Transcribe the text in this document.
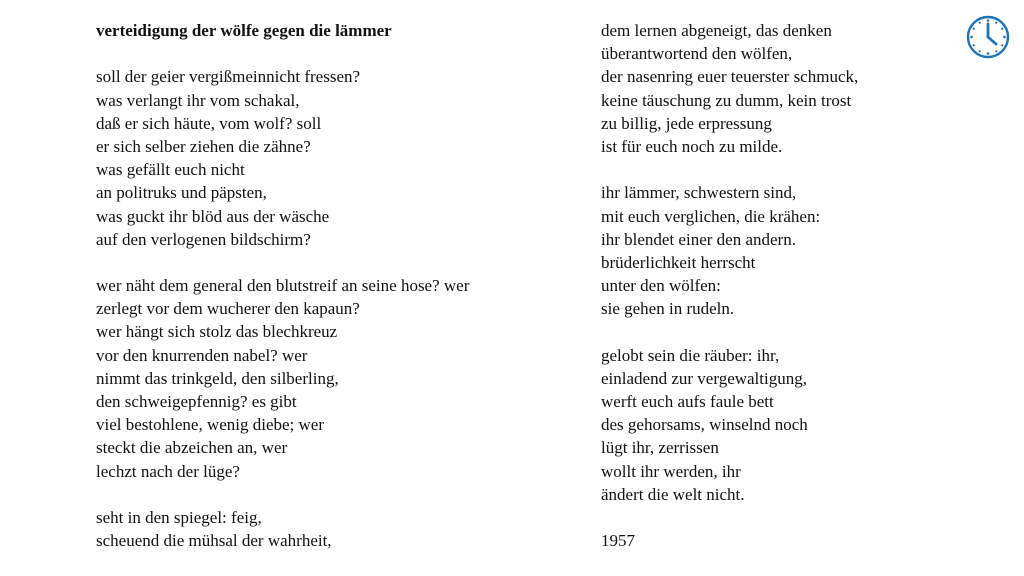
verteidigung der wölfe gegen die lämmer
soll der geier vergißmeinnicht fressen?
was verlangt ihr vom schakal,
daß er sich häute, vom wolf? soll
er sich selber ziehen die zähne?
was gefällt euch nicht
an politruks und päpsten,
was guckt ihr blöd aus der wäsche
auf den verlogenen bildschirm?
wer näht dem general den blutstreif an seine hose? wer
zerlegt vor dem wucherer den kapaun?
wer hängt sich stolz das blechkreuz
vor den knurrenden nabel? wer
nimmt das trinkgeld, den silberling,
den schweigepfennig? es gibt
viel bestohlene, wenig diebe; wer
steckt die abzeichen an, wer
lechzt nach der lüge?
seht in den spiegel: feig,
scheuend die mühsal der wahrheit,
dem lernen abgeneigt, das denken
überantwortend den wölfen,
der nasenring euer teuerster schmuck,
keine täuschung zu dumm, kein trost
zu billig, jede erpressung
ist für euch noch zu milde.
ihr lämmer, schwestern sind,
mit euch verglichen, die krähen:
ihr blendet einer den andern.
brüderlichkeit herrscht
unter den wölfen:
sie gehen in rudeln.
gelobt sein die räuber: ihr,
einladend zur vergewaltigung,
werft euch aufs faule bett
des gehorsams, winselnd noch
lügt ihr, zerrissen
wollt ihr werden, ihr
ändert die welt nicht.
1957
